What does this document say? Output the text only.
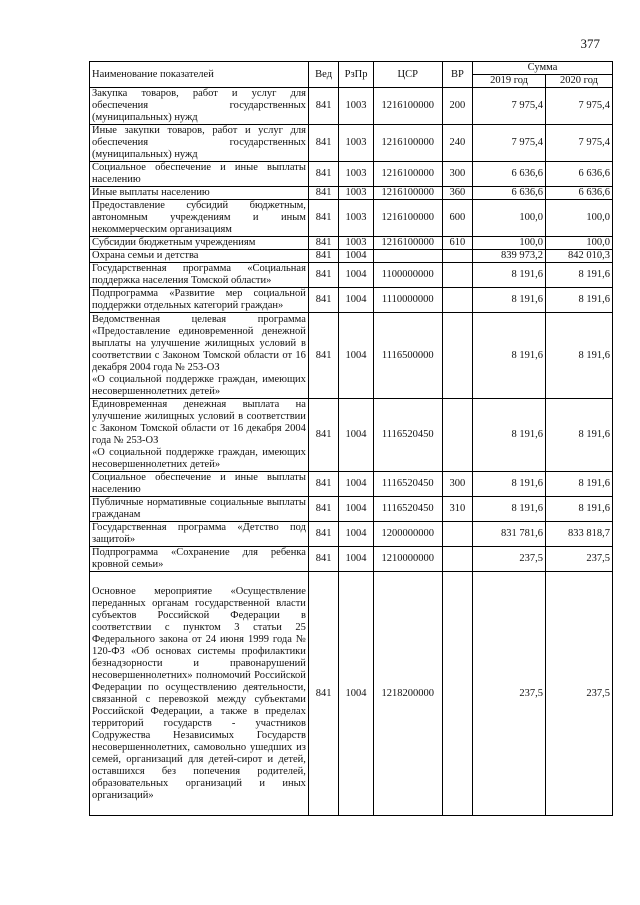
377
Наименование показателей	Вед	РзПр	ЦСР	ВР	Сумма	
					2019 год	2020 год
Закупка товаров, работ и услуг для обеспечения государственных (муниципальных) нужд	841	1003	1216100000	200	7 975,4	7 975,4
Иные закупки товаров, работ и услуг для обеспечения государственных (муниципальных) нужд	841	1003	1216100000	240	7 975,4	7 975,4
Социальное обеспечение и иные выплаты населению	841	1003	1216100000	300	6 636,6	6 636,6
Иные выплаты населению	841	1003	1216100000	360	6 636,6	6 636,6
Предоставление субсидий бюджетным, автономным учреждениям и иным некоммерческим организациям	841	1003	1216100000	600	100,0	100,0
Субсидии бюджетным учреждениям	841	1003	1216100000	610	100,0	100,0
Охрана семьи и детства	841	1004			839 973,2	842 010,3
Государственная программа «Социальная поддержка населения Томской области»	841	1004	1100000000		8 191,6	8 191,6
Подпрограмма «Развитие мер социальной поддержки отдельных категорий граждан»	841	1004	1110000000		8 191,6	8 191,6
Ведомственная целевая программа «Предоставление единовременной денежной выплаты на улучшение жилищных условий в соответствии с Законом Томской области от 16 декабря 2004 года № 253-ОЗ
«О социальной поддержке граждан, имеющих несовершеннолетних детей»	841	1004	1116500000		8 191,6	8 191,6
Единовременная денежная выплата на улучшение жилищных условий в соответствии с Законом Томской области от 16 декабря 2004 года № 253-ОЗ
«О социальной поддержке граждан, имеющих несовершеннолетних детей»	841	1004	1116520450		8 191,6	8 191,6
Социальное обеспечение и иные выплаты населению	841	1004	1116520450	300	8 191,6	8 191,6
Публичные нормативные социальные выплаты гражданам	841	1004	1116520450	310	8 191,6	8 191,6
Государственная программа «Детство под защитой»	841	1004	1200000000		831 781,6	833 818,7
Подпрограмма «Сохранение для ребенка кровной семьи»	841	1004	1210000000		237,5	237,5
Основное мероприятие «Осуществление переданных органам государственной власти субъектов Российской Федерации в соответствии с пунктом 3 статьи 25 Федерального закона от 24 июня 1999 года № 120-ФЗ «Об основах системы профилактики безнадзорности и правонарушений несовершеннолетних» полномочий Российской Федерации по осуществлению деятельности, связанной с перевозкой между субъектами Российской Федерации, а также в пределах территорий государств - участников Содружества Независимых Государств несовершеннолетних, самовольно ушедших из семей, организаций для детей-сирот и детей, оставшихся без попечения родителей, образовательных организаций и иных организаций»	841	1004	1218200000		237,5	237,5
